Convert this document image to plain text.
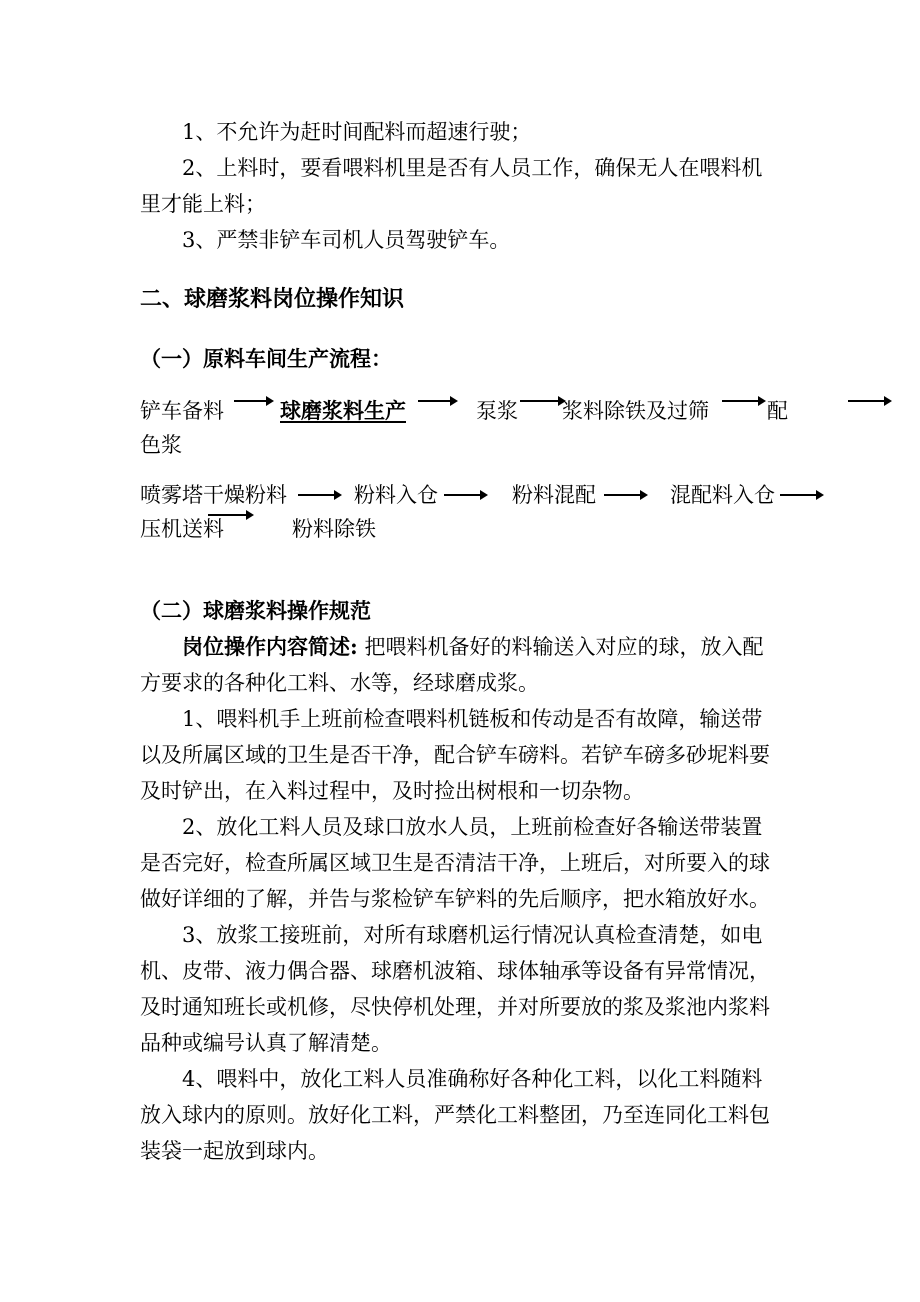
1、不允许为赶时间配料而超速行驶；
2、上料时，要看喂料机里是否有人员工作，确保无人在喂料机
里才能上料；
3、严禁非铲车司机人员驾驶铲车。
二、球磨浆料岗位操作知识
（一）原料车间生产流程：
铲车备料	球磨浆料生产	泵浆 浆料除铁及过筛	配
色浆
喷雾塔干燥粉料	粉料入仓	粉料混配	混配料入仓
压机送料	粉料除铁
（二）球磨浆料操作规范
岗位操作内容简述: 把喂料机备好的料输送入对应的球，放入配
方要求的各种化工料、水等，经球磨成浆。
1、喂料机手上班前检查喂料机链板和传动是否有故障，输送带
以及所属区域的卫生是否干净，配合铲车磅料。若铲车磅多砂坭料要
及时铲出，在入料过程中，及时捡出树根和一切杂物。
2、放化工料人员及球口放水人员，上班前检查好各输送带装置
是否完好，检查所属区域卫生是否清洁干净，上班后，对所要入的球
做好详细的了解，并告与浆检铲车铲料的先后顺序，把水箱放好水。
3、放浆工接班前，对所有球磨机运行情况认真检查清楚，如电
机、皮带、液力偶合器、球磨机波箱、球体轴承等设备有异常情况，
及时通知班长或机修，尽快停机处理，并对所要放的浆及浆池内浆料
品种或编号认真了解清楚。
4、喂料中，放化工料人员准确称好各种化工料，以化工料随料
放入球内的原则。放好化工料，严禁化工料整团，乃至连同化工料包
装袋一起放到球内。
